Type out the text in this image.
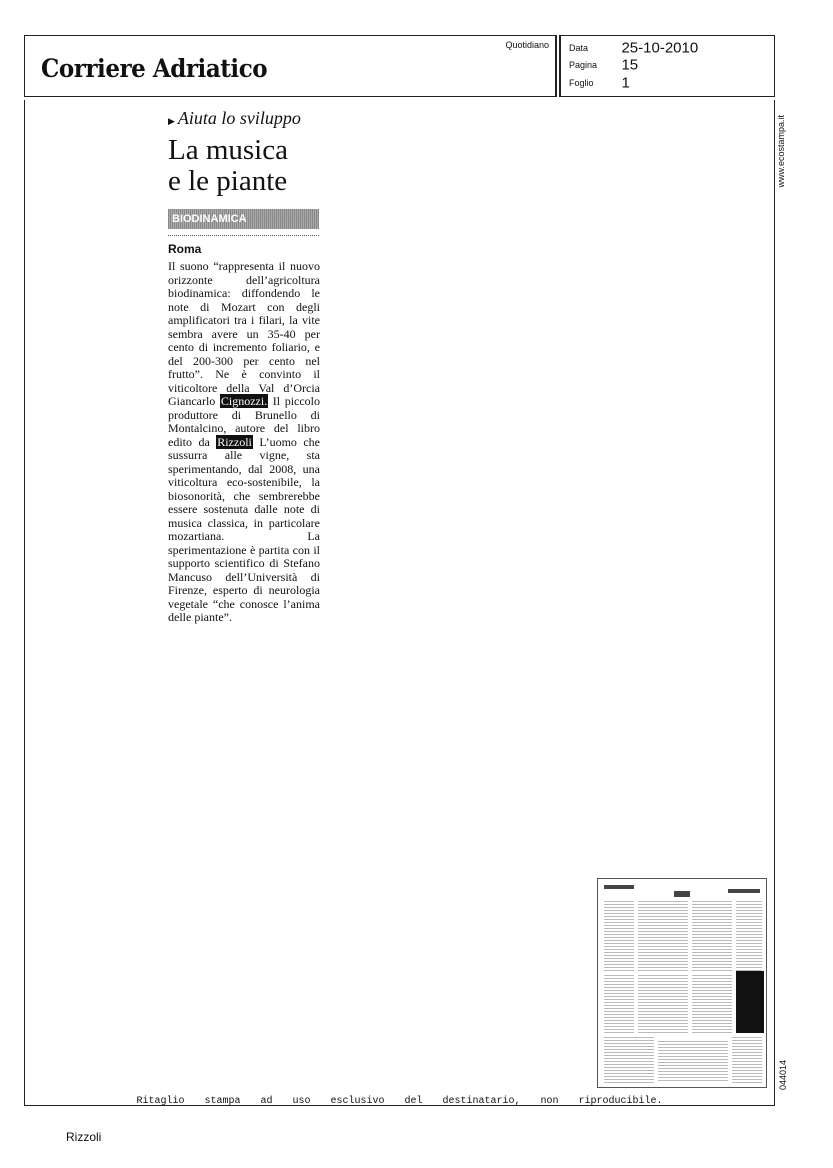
Corriere Adriatico
Quotidiano Data 25-10-2010
Pagina 15
Foglio 1
www.ecostampa.it
044014
▶ Aiuta lo sviluppo
La musica
e le piante
BIODINAMICA
Roma

Il suono “rappresenta il nuovo orizzonte dell’agricoltura biodinamica: diffondendo le note di Mozart con degli amplificatori tra i filari, la vite sembra avere un 35-40 per cento di incremento foliario, e del 200-300 per cento nel frutto”. Ne è convinto il viticoltore della Val d’Orcia Giancarlo Cignozzi. Il piccolo produttore di Brunello di Montalcino, autore del libro edito da Rizzoli L’uomo che sussurra alle vigne, sta sperimentando, dal 2008, una viticoltura eco-sostenibile, la biosonorità, che sembrerebbe essere sostenuta dalle note di musica classica, in particolare mozartiana. La sperimentazione è partita con il supporto scientifico di Stefano Mancuso dell’Università di Firenze, esperto di neurologia vegetale “che conosce l’anima delle piante”.

Ritaglio stampa ad uso esclusivo del destinatario, non riproducibile.
Rizzoli
